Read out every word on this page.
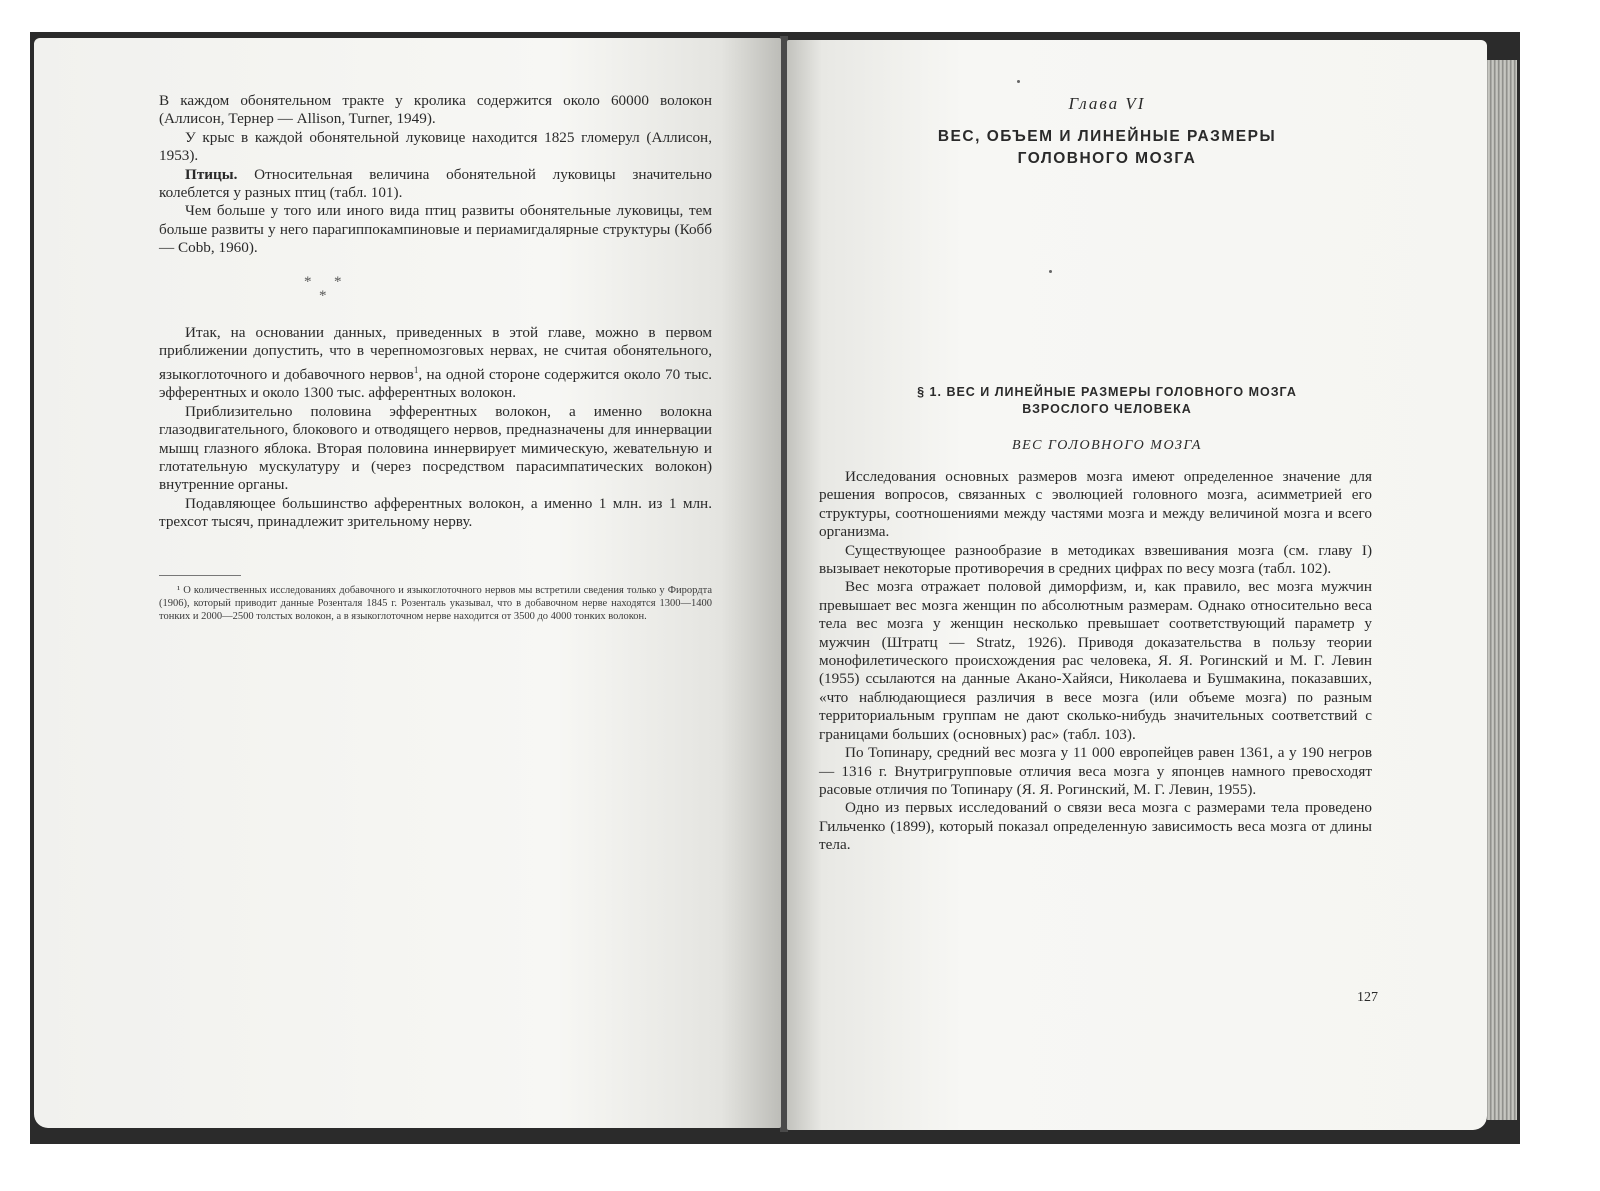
В каждом обонятельном тракте у кролика содержится около 60000 волокон (Аллисон, Тернер — Allison, Turner, 1949).

У крыс в каждой обонятельной луковице находится 1825 гломерул (Аллисон, 1953).

Птицы. Относительная величина обонятельной луковицы значительно колеблется у разных птиц (табл. 101).

Чем больше у того или иного вида птиц развиты обонятельные луковицы, тем больше развиты у него парагиппокампиновые и периамигдалярные структуры (Кобб — Cobb, 1960).

* *
*

Итак, на основании данных, приведенных в этой главе, можно в первом приближении допустить, что в черепномозговых нервах, не считая обонятельного, языкоглоточного и добавочного нервов$^1$, на одной стороне содержится около 70 тыс. эфферентных и около 1300 тыс. афферентных волокон.

Приблизительно половина эфферентных волокон, а именно волокна глазодвигательного, блокового и отводящего нервов, предназначены для иннервации мышц глазного яблока. Вторая половина иннервирует мимическую, жевательную и глотательную мускулатуру и (через посредством парасимпатических волокон) внутренние органы.

Подавляющее большинство афферентных волокон, а именно 1 млн. из 1 млн. трехсот тысяч, принадлежит зрительному нерву.

¹ О количественных исследованиях добавочного и языкоглоточного нервов мы встретили сведения только у Фирордта (1906), который приводит данные Розенталя 1845 г. Розенталь указывал, что в добавочном нерве находятся 1300—1400 тонких и 2000—2500 толстых волокон, а в языкоглоточном нерве находится от 3500 до 4000 тонких волокон.

Глава VI
ВЕС, ОБЪЕМ И ЛИНЕЙНЫЕ РАЗМЕРЫ
ГОЛОВНОГО МОЗГА
§ 1. ВЕС И ЛИНЕЙНЫЕ РАЗМЕРЫ ГОЛОВНОГО МОЗГА
ВЗРОСЛОГО ЧЕЛОВЕКА
ВЕС ГОЛОВНОГО МОЗГА

Исследования основных размеров мозга имеют определенное значение для решения вопросов, связанных с эволюцией головного мозга, асимметрией его структуры, соотношениями между частями мозга и между величиной мозга и всего организма.

Существующее разнообразие в методиках взвешивания мозга (см. главу I) вызывает некоторые противоречия в средних цифрах по весу мозга (табл. 102).

Вес мозга отражает половой диморфизм, и, как правило, вес мозга мужчин превышает вес мозга женщин по абсолютным размерам. Однако относительно веса тела вес мозга у женщин несколько превышает соответствующий параметр у мужчин (Штратц — Stratz, 1926). Приводя доказательства в пользу теории монофилетического происхождения рас человека, Я. Я. Рогинский и М. Г. Левин (1955) ссылаются на данные Акано-Хайяси, Николаева и Бушмакина, показавших, «что наблюдающиеся различия в весе мозга (или объеме мозга) по разным территориальным группам не дают сколько-нибудь значительных соответствий с границами больших (основных) рас» (табл. 103).

По Топинару, средний вес мозга у 11 000 европейцев равен 1361, а у 190 негров — 1316 г. Внутригрупповые отличия веса мозга у японцев намного превосходят расовые отличия по Топинару (Я. Я. Рогинский, М. Г. Левин, 1955).

Одно из первых исследований о связи веса мозга с размерами тела проведено Гильченко (1899), который показал определенную зависимость веса мозга от длины тела.

127
